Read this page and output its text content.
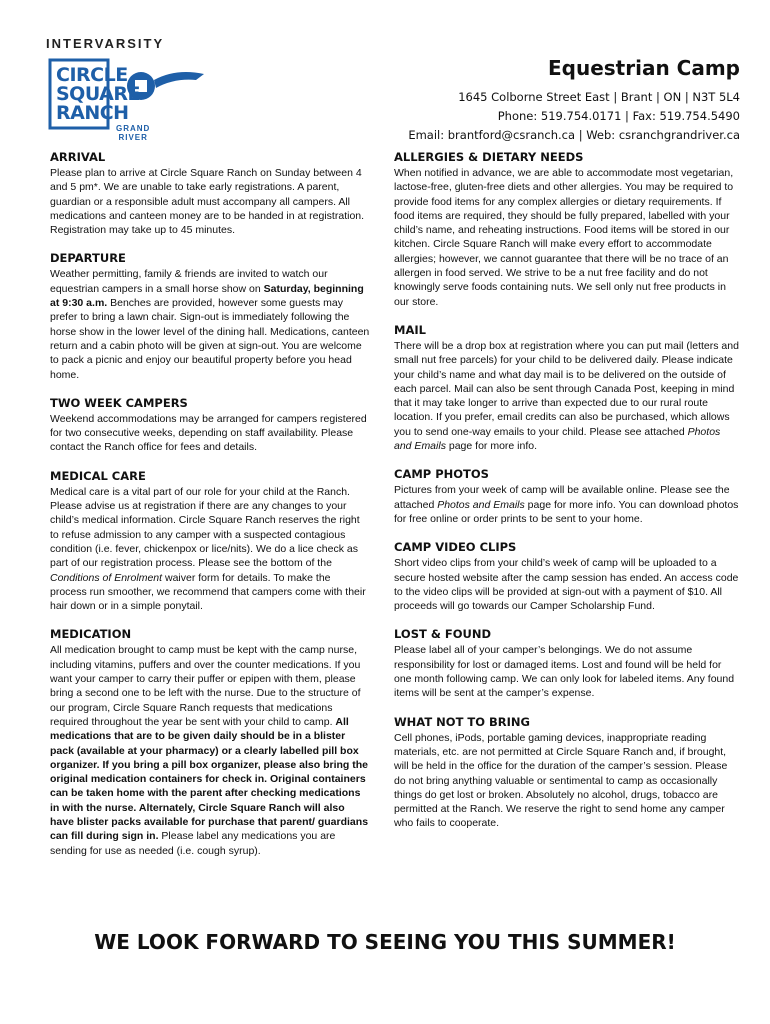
INTERVARSITY
CIRCLE
SQUARE
RANCH
GRAND
RIVER
Equestrian Camp
1645 Colborne Street East | Brant | ON | N3T 5L4
Phone: 519.754.0171 | Fax: 519.754.5490
Email: brantford@csranch.ca | Web: csranchgrandriver.ca
ARRIVAL

Please plan to arrive at Circle Square Ranch on Sunday between 4 and 5 pm*. We are unable to take early registrations. A parent, guardian or a responsible adult must accompany all campers. All medications and canteen money are to be handed in at registration. Registration may take up to 45 minutes.

DEPARTURE

Weather permitting, family & friends are invited to watch our equestrian campers in a small horse show on Saturday, beginning at 9:30 a.m. Benches are provided, however some guests may prefer to bring a lawn chair. Sign-out is immediately following the horse show in the lower level of the dining hall. Medications, canteen return and a cabin photo will be given at sign-out. You are welcome to pack a picnic and enjoy our beautiful property before you head home.

TWO WEEK CAMPERS

Weekend accommodations may be arranged for campers registered for two consecutive weeks, depending on staff availability. Please contact the Ranch office for fees and details.

MEDICAL CARE

Medical care is a vital part of our role for your child at the Ranch. Please advise us at registration if there are any changes to your child’s medical information. Circle Square Ranch reserves the right to refuse admission to any camper with a suspected contagious condition (i.e. fever, chickenpox or lice/nits). We do a lice check as part of our registration process. Please see the bottom of the Conditions of Enrolment waiver form for details. To make the process run smoother, we recommend that campers come with their hair down or in a simple ponytail.

MEDICATION

All medication brought to camp must be kept with the camp nurse, including vitamins, puffers and over the counter medications. If you want your camper to carry their puffer or epipen with them, please bring a second one to be left with the nurse. Due to the structure of our program, Circle Square Ranch requests that medications required throughout the year be sent with your child to camp. All medications that are to be given daily should be in a blister pack (available at your pharmacy) or a clearly labelled pill box organizer. If you bring a pill box organizer, please also bring the original medication containers for check in. Original containers can be taken home with the parent after checking medications in with the nurse. Alternately, Circle Square Ranch will also have blister packs available for purchase that parent/ guardians can fill during sign in. Please label any medications you are sending for use as needed (i.e. cough syrup).

ALLERGIES & DIETARY NEEDS

When notified in advance, we are able to accommodate most vegetarian, lactose-free, gluten-free diets and other allergies. You may be required to provide food items for any complex allergies or dietary requirements. If food items are required, they should be fully prepared, labelled with your child’s name, and reheating instructions. Food items will be stored in our kitchen. Circle Square Ranch will make every effort to accommodate allergies; however, we cannot guarantee that there will be no trace of an allergen in food served. We strive to be a nut free facility and do not knowingly serve foods containing nuts. We sell only nut free products in our store.

MAIL

There will be a drop box at registration where you can put mail (letters and small nut free parcels) for your child to be delivered daily. Please indicate your child’s name and what day mail is to be delivered on the outside of each parcel. Mail can also be sent through Canada Post, keeping in mind that it may take longer to arrive than expected due to our rural route location. If you prefer, email credits can also be purchased, which allows you to send one-way emails to your child. Please see attached Photos and Emails page for more info.

CAMP PHOTOS

Pictures from your week of camp will be available online. Please see the attached Photos and Emails page for more info. You can download photos for free online or order prints to be sent to your home.

CAMP VIDEO CLIPS

Short video clips from your child’s week of camp will be uploaded to a secure hosted website after the camp session has ended. An access code to the video clips will be provided at sign-out with a payment of $10. All proceeds will go towards our Camper Scholarship Fund.

LOST & FOUND

Please label all of your camper’s belongings. We do not assume responsibility for lost or damaged items. Lost and found will be held for one month following camp. We can only look for labeled items. Any found items will be sent at the camper’s expense.

WHAT NOT TO BRING

Cell phones, iPods, portable gaming devices, inappropriate reading materials, etc. are not permitted at Circle Square Ranch and, if brought, will be held in the office for the duration of the camper’s session. Please do not bring anything valuable or sentimental to camp as occasionally things do get lost or broken. Absolutely no alcohol, drugs, tobacco are permitted at the Ranch. We reserve the right to send home any camper who fails to cooperate.

WE LOOK FORWARD TO SEEING YOU THIS SUMMER!
